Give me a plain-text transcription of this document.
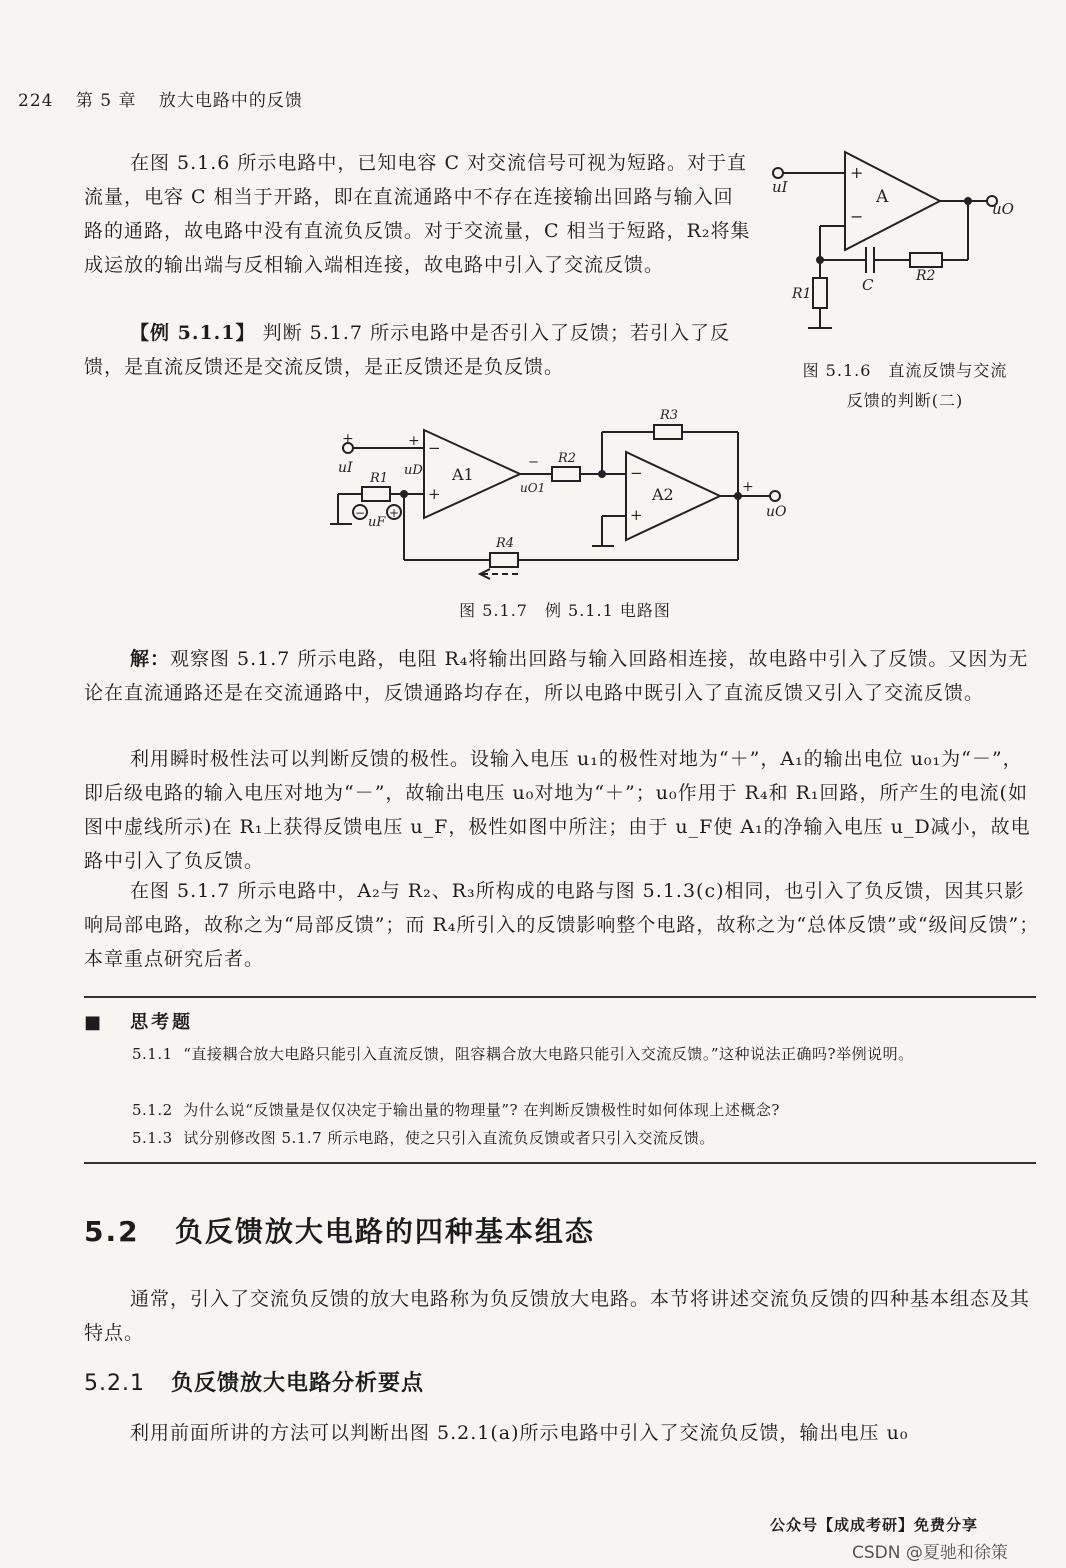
224 第 5 章 放大电路中的反馈
在图 5.1.6 所示电路中，已知电容 C 对交流信号可视为短路。对于直流量，电容 C 相当于开路，即在直流通路中不存在连接输出回路与输入回路的通路，故电路中没有直流负反馈。对于交流量，C 相当于短路，R₂将集成运放的输出端与反相输入端相连接，故电路中引入了交流反馈。
【例 5.1.1】 判断 5.1.7 所示电路中是否引入了反馈；若引入了反馈，是直流反馈还是交流反馈，是正反馈还是负反馈。
uI
+
−
A
uO
C	R2
R1
图 5.1.6　直流反馈与交流
反馈的判断(二)
+
uI
+
uD
−
+
A1
R1
−
uF
+
−
uO1
R2
R3
−
+
A2	+
uO
R4
图 5.1.7　例 5.1.1 电路图
解：观察图 5.1.7 所示电路，电阻 R₄将输出回路与输入回路相连接，故电路中引入了反馈。又因为无论在直流通路还是在交流通路中，反馈通路均存在，所以电路中既引入了直流反馈又引入了交流反馈。
利用瞬时极性法可以判断反馈的极性。设输入电压 u₁的极性对地为“＋”，A₁的输出电位 u₀₁为“－”，即后级电路的输入电压对地为“－”，故输出电压 u₀对地为“＋”；u₀作用于 R₄和 R₁回路，所产生的电流(如图中虚线所示)在 R₁上获得反馈电压 u_F，极性如图中所注；由于 u_F使 A₁的净输入电压 u_D减小，故电路中引入了负反馈。
在图 5.1.7 所示电路中，A₂与 R₂、R₃所构成的电路与图 5.1.3(c)相同，也引入了负反馈，因其只影响局部电路，故称之为“局部反馈”；而 R₄所引入的反馈影响整个电路，故称之为“总体反馈”或“级间反馈”；本章重点研究后者。
■ 思考题
5.1.1 “直接耦合放大电路只能引入直流反馈，阻容耦合放大电路只能引入交流反馈。”这种说法正确吗?举例说明。
5.1.2 为什么说“反馈量是仅仅决定于输出量的物理量”? 在判断反馈极性时如何体现上述概念?
5.1.3 试分别修改图 5.1.7 所示电路，使之只引入直流负反馈或者只引入交流反馈。
5.2 负反馈放大电路的四种基本组态
通常，引入了交流负反馈的放大电路称为负反馈放大电路。本节将讲述交流负反馈的四种基本组态及其特点。
5.2.1 负反馈放大电路分析要点
利用前面所讲的方法可以判断出图 5.2.1(a)所示电路中引入了交流负反馈，输出电压 u₀
公众号【成成考研】免费分享
CSDN @夏驰和徐策
